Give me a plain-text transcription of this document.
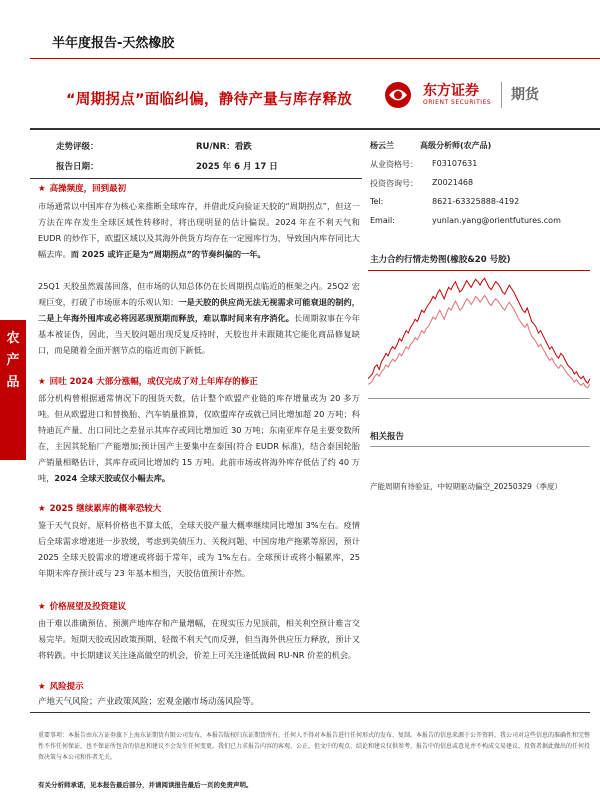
半年度报告-天然橡胶
“周期拐点”面临纠偏，静待产量与库存释放
东方证券
ORIENT SECURITIES 期货
走势评级：	RU/NR：看跌
报告日期：	2025 年 6 月 17 日
杨云兰	高级分析师(农产品)
从业资格号： F03107631
投资咨询号： Z0021468
Tel:	8621-63325888-4192
Email:	yunlan.yang@orientfutures.com
农产品
★ 高操频度，回到最初
市场通常以中国库存为核心来推断全球库存，并借此反向验证天胶的“周期拐点”，但这一方法在库存发生全球区域性转移时，将出现明显的估计偏误。2024 年在不利天气和 EUDR 的炒作下，欧盟区域以及其海外供货方均存在一定囤库行为，导致国内库存同比大幅去库。而 2025 或许正是为“周期拐点”的节奏纠偏的一年。
25Q1 天胶虽然震荡回落，但市场的认知总体仍在长周期拐点临近的框架之内。25Q2 宏观巨变，打破了市场原本的乐观认知：一是天胶的供应尚无法无视需求可能衰退的制约，二是上年海外囤库或必将因恶现预期而释放，难以靠时间来有序消化。长周期叙事在今年基本被证伪，因此，当天胶问题出现反复反持时，天胶也并未跟随其它能化商品修复缺口，而是随着全面开割节点的临近而创下新低。
★ 回吐 2024 大部分涨幅，或仅完成了对上年库存的修正
部分机构曾根据通常情况下的囤货天数，估计整个欧盟产业链的库存增量或为 20 多万吨。但从欧盟进口和替换胎、汽车销量推算，仅欧盟库存或就已同比增加超 20 万吨；科特迪瓦产量、出口同比之差显示其库存或同比增加近 30 万吨；东南亚库存是主要变数所在，主因其轮胎厂产能增加;预计国产主要集中在泰国(符合 EUDR 标准)，结合泰国轮胎产销量相略估计，其库存或同比增加约 15 万吨。此前市场或将海外库存低估了约 40 万吨，2024 全球天胶或仅小幅去库。
★ 2025 继续累库的概率恐较大
鉴于天气良好，原料价格也不算太低，全球天胶产量大概率继续同比增加 3%左右。疫情后全球需求增速进一步放缓，考虑到美债压力、关税问题、中国房地产拖累等原因，预计 2025 全球天胶需求的增速或将弱于常年，或为 1%左右。全球预计或将小幅累库，25 年期末库存预计或与 23 年基本相当，天胶估值预计亦然。
★ 价格展望及投资建议
由于难以准确预估、预测产地库存和产量增幅，在现实压力见顶前，相关利空预计难言交易完毕。短期天胶或因政策预期、轻微不利天气而反弹，但当海外供应压力释放，预计又将转跌。中长期建议关注逢高做空的机会，价差上可关注逢低做阔 RU-NR 价差的机会。
★ 风险提示
产地天气风险；产业政策风险；宏观金融市场动荡风险等。
主力合约行情走势图(橡胶&20 号胶)
相关报告
产能周期有待验证，中短期驱动偏空_20250329（季度）
重要事项：本报告由东方证券旗下上海东证期货有限公司发布，本报告版权归东证期货所有，任何人不得对本报告进行任何形式的发布、复制。本报告的信息来源于公开资料，我公司对这些信息的准确性和完整性不作任何保证，也不保证所包含的信息和建议不会发生任何变更。我们已力求报告内容的客观、公正，但文中的观点、结论和建议仅供参考，报告中的信息或意见并不构成交易建议，投资者据此做出的任何投资决策与本公司和作者无关。
有关分析师承诺，见本报告最后部分，并请阅读报告最后一页的免责声明。
